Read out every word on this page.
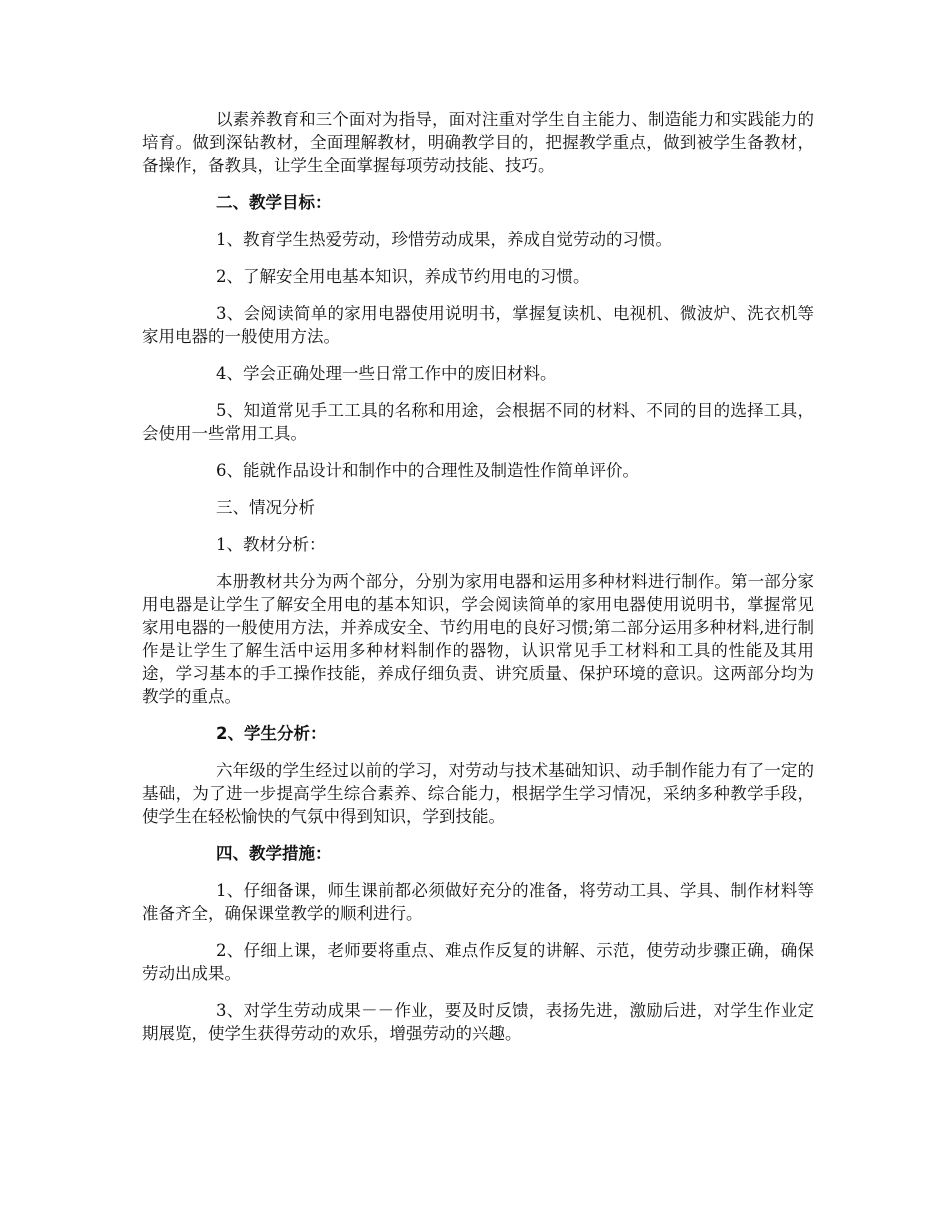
以素养教育和三个面对为指导，面对注重对学生自主能力、制造能力和实践能力的培育。做到深钻教材，全面理解教材，明确教学目的，把握教学重点，做到被学生备教材，备操作，备教具，让学生全面掌握每项劳动技能、技巧。

二、教学目标：

1、教育学生热爱劳动，珍惜劳动成果，养成自觉劳动的习惯。

2、了解安全用电基本知识，养成节约用电的习惯。

3、会阅读简单的家用电器使用说明书，掌握复读机、电视机、微波炉、洗衣机等家用电器的一般使用方法。

4、学会正确处理一些日常工作中的废旧材料。

5、知道常见手工工具的名称和用途，会根据不同的材料、不同的目的选择工具，会使用一些常用工具。

6、能就作品设计和制作中的合理性及制造性作简单评价。

三、情况分析

1、教材分析：

本册教材共分为两个部分，分别为家用电器和运用多种材料进行制作。第一部分家用电器是让学生了解安全用电的基本知识，学会阅读简单的家用电器使用说明书，掌握常见家用电器的一般使用方法，并养成安全、节约用电的良好习惯;第二部分运用多种材料,进行制作是让学生了解生活中运用多种材料制作的器物，认识常见手工材料和工具的性能及其用途，学习基本的手工操作技能，养成仔细负责、讲究质量、保护环境的意识。这两部分均为教学的重点。

2、学生分析：

六年级的学生经过以前的学习，对劳动与技术基础知识、动手制作能力有了一定的基础，为了进一步提高学生综合素养、综合能力，根据学生学习情况，采纳多种教学手段，使学生在轻松愉快的气氛中得到知识，学到技能。

四、教学措施：

1、仔细备课，师生课前都必须做好充分的准备，将劳动工具、学具、制作材料等准备齐全，确保课堂教学的顺利进行。

2、仔细上课，老师要将重点、难点作反复的讲解、示范，使劳动步骤正确，确保劳动出成果。

3、对学生劳动成果－－作业，要及时反馈，表扬先进，激励后进，对学生作业定期展览，使学生获得劳动的欢乐，增强劳动的兴趣。
